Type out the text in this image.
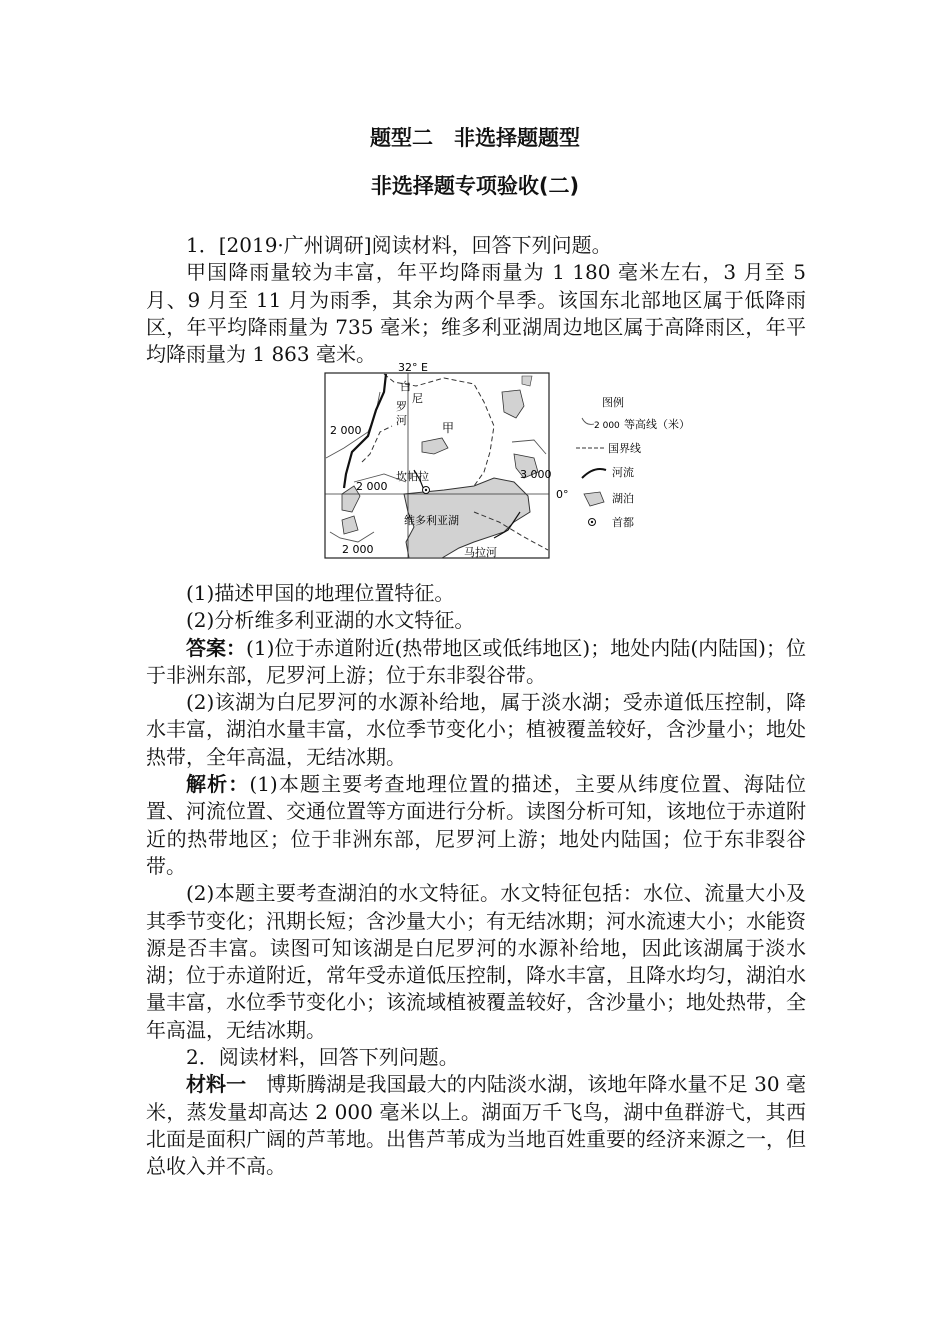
题型二　非选择题题型
非选择题专项验收(二)

1．[2019·广州调研]阅读材料，回答下列问题。

甲国降雨量较为丰富，年平均降雨量为 1 180 毫米左右，3 月至 5 月、9 月至 11 月为雨季，其余为两个旱季。该国东北部地区属于低降雨区，年平均降雨量为 735 毫米；维多利亚湖周边地区属于高降雨区，年平均降雨量为 1 863 毫米。

32° E
白
尼
罗
河
甲
坎帕拉
维多利亚湖
马拉河
2 000
2 000
2 000
3 000
0°
图例
2 000 等高线（米）
国界线
河流
湖泊
首都

(1)描述甲国的地理位置特征。

(2)分析维多利亚湖的水文特征。

答案：(1)位于赤道附近(热带地区或低纬地区)；地处内陆(内陆国)；位于非洲东部，尼罗河上游；位于东非裂谷带。

(2)该湖为白尼罗河的水源补给地，属于淡水湖；受赤道低压控制，降水丰富，湖泊水量丰富，水位季节变化小；植被覆盖较好，含沙量小；地处热带，全年高温，无结冰期。

解析：(1)本题主要考查地理位置的描述，主要从纬度位置、海陆位置、河流位置、交通位置等方面进行分析。读图分析可知，该地位于赤道附近的热带地区；位于非洲东部，尼罗河上游；地处内陆国；位于东非裂谷带。

(2)本题主要考查湖泊的水文特征。水文特征包括：水位、流量大小及其季节变化；汛期长短；含沙量大小；有无结冰期；河水流速大小；水能资源是否丰富。读图可知该湖是白尼罗河的水源补给地，因此该湖属于淡水湖；位于赤道附近，常年受赤道低压控制，降水丰富，且降水均匀，湖泊水量丰富，水位季节变化小；该流域植被覆盖较好，含沙量小；地处热带，全年高温，无结冰期。

2．阅读材料，回答下列问题。

材料一　博斯腾湖是我国最大的内陆淡水湖，该地年降水量不足 30 毫米，蒸发量却高达 2 000 毫米以上。湖面万千飞鸟，湖中鱼群游弋，其西北面是面积广阔的芦苇地。出售芦苇成为当地百姓重要的经济来源之一，但总收入并不高。
